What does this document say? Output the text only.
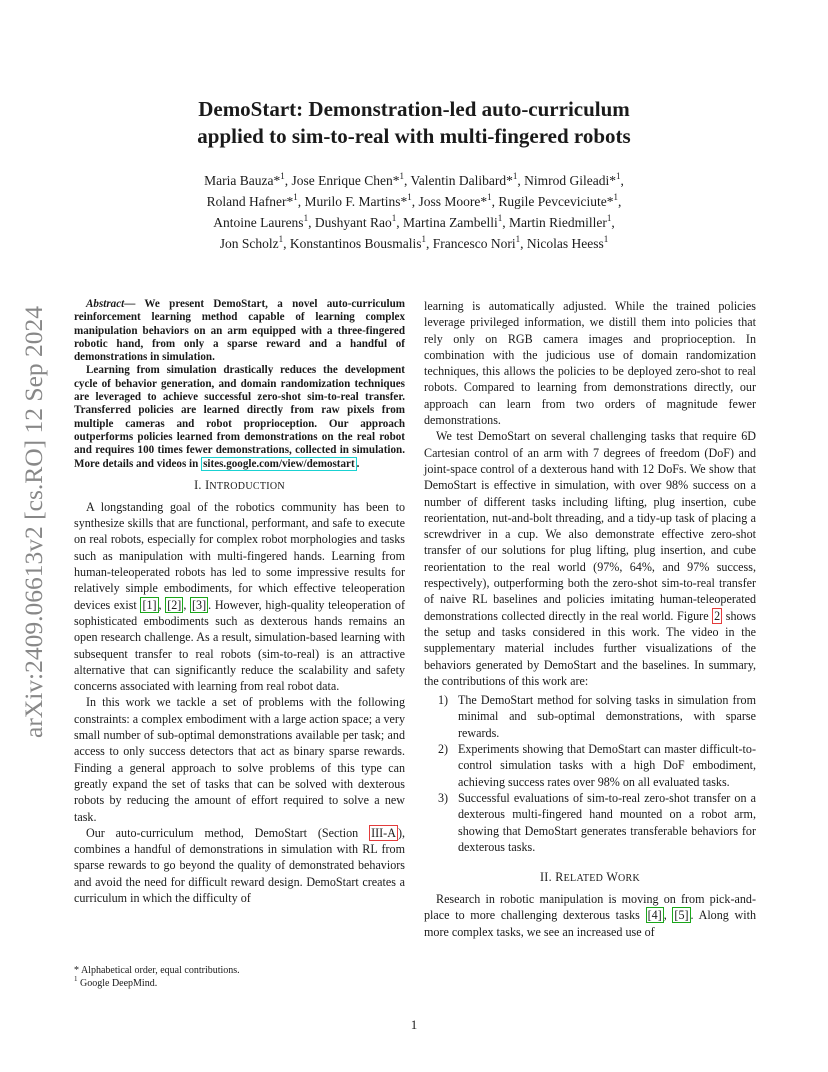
DemoStart: Demonstration-led auto-curriculum
applied to sim-to-real with multi-fingered robots
Maria Bauza*$^1$, Jose Enrique Chen*$^1$, Valentin Dalibard*$^1$, Nimrod Gileadi*$^1$,
Roland Hafner*$^1$, Murilo F. Martins*$^1$, Joss Moore*$^1$, Rugile Pevceviciute*$^1$,
Antoine Laurens$^1$, Dushyant Rao$^1$, Martina Zambelli$^1$, Martin Riedmiller$^1$,
Jon Scholz$^1$, Konstantinos Bousmalis$^1$, Francesco Nori$^1$, Nicolas Heess$^1$
arXiv:2409.06613v2 [cs.RO] 12 Sep 2024

Abstract— We present DemoStart, a novel auto-curriculum reinforcement learning method capable of learning complex manipulation behaviors on an arm equipped with a three-fingered robotic hand, from only a sparse reward and a handful of demonstrations in simulation.

Learning from simulation drastically reduces the development cycle of behavior generation, and domain randomization techniques are leveraged to achieve successful zero-shot sim-to-real transfer. Transferred policies are learned directly from raw pixels from multiple cameras and robot proprioception. Our approach outperforms policies learned from demonstrations on the real robot and requires 100 times fewer demonstrations, collected in simulation. More details and videos in sites.google.com/view/demostart .

I. INTRODUCTION

A longstanding goal of the robotics community has been to synthesize skills that are functional, performant, and safe to execute on real robots, especially for complex robot morphologies and tasks such as manipulation with multi-fingered hands. Learning from human-teleoperated robots has led to some impressive results for relatively simple embodiments, for which effective teleoperation devices exist [1] , [2] , [3] . However, high-quality teleoperation of sophisticated embodiments such as dexterous hands remains an open research challenge. As a result, simulation-based learning with subsequent transfer to real robots (sim-to-real) is an attractive alternative that can significantly reduce the scalability and safety concerns associated with learning from real robot data.

In this work we tackle a set of problems with the following constraints: a complex embodiment with a large action space; a very small number of sub-optimal demonstrations available per task; and access to only success detectors that act as binary sparse rewards. Finding a general approach to solve problems of this type can greatly expand the set of tasks that can be solved with dexterous robots by reducing the amount of effort required to solve a new task.

Our auto-curriculum method, DemoStart (Section III-A ), combines a handful of demonstrations in simulation with RL from sparse rewards to go beyond the quality of demonstrated behaviors and avoid the need for difficult reward design. DemoStart creates a curriculum in which the difficulty of

learning is automatically adjusted. While the trained policies leverage privileged information, we distill them into policies that rely only on RGB camera images and proprioception. In combination with the judicious use of domain randomization techniques, this allows the policies to be deployed zero-shot to real robots. Compared to learning from demonstrations directly, our approach can learn from two orders of magnitude fewer demonstrations.

We test DemoStart on several challenging tasks that require 6D Cartesian control of an arm with 7 degrees of freedom (DoF) and joint-space control of a dexterous hand with 12 DoFs. We show that DemoStart is effective in simulation, with over 98% success on a number of different tasks including lifting, plug insertion, cube reorientation, nut-and-bolt threading, and a tidy-up task of placing a screwdriver in a cup. We also demonstrate effective zero-shot transfer of our solutions for plug lifting, plug insertion, and cube reorientation to the real world (97%, 64%, and 97% success, respectively), outperforming both the zero-shot sim-to-real transfer of naive RL baselines and policies imitating human-teleoperated demonstrations collected directly in the real world. Figure 2 shows the setup and tasks considered in this work. The video in the supplementary material includes further visualizations of the behaviors generated by DemoStart and the baselines. In summary, the contributions of this work are:

1) The DemoStart method for solving tasks in simulation from minimal and sub-optimal demonstrations, with sparse rewards.
2) Experiments showing that DemoStart can master difficult-to-control simulation tasks with a high DoF embodiment, achieving success rates over 98% on all evaluated tasks.
3) Successful evaluations of sim-to-real zero-shot transfer on a dexterous multi-fingered hand mounted on a robot arm, showing that DemoStart generates transferable behaviors for dexterous tasks.
II. RELATED WORK

Research in robotic manipulation is moving on from pick-and-place to more challenging dexterous tasks [4] , [5] . Along with more complex tasks, we see an increased use of

* Alphabetical order, equal contributions.
$^1$ Google DeepMind.
1
